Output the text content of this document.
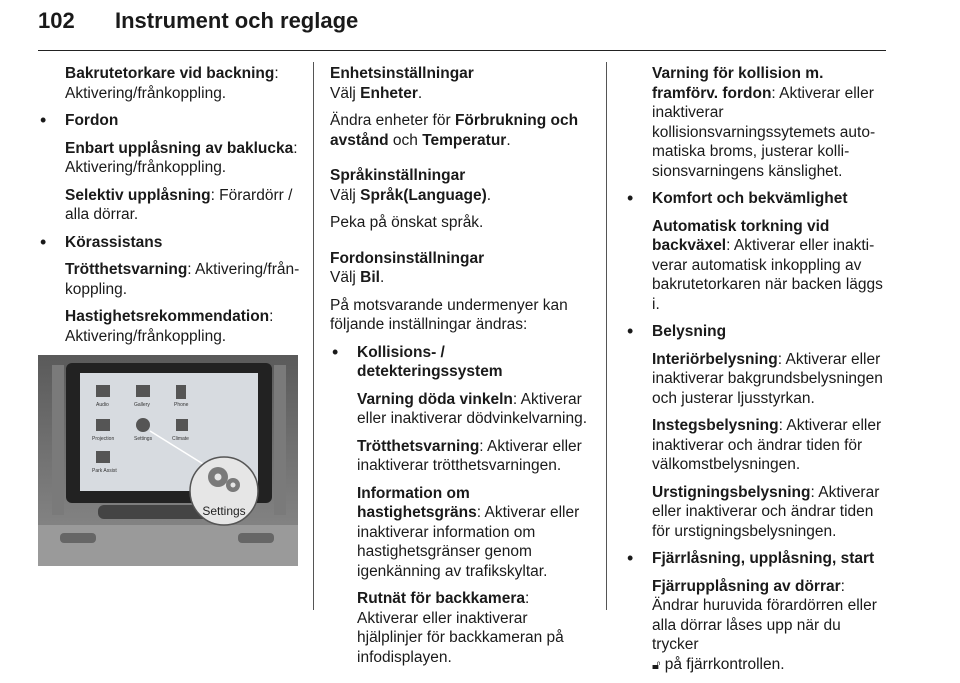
102 Instrument och reglage

Bakrutetorkare vid backning: Aktivering/frånkoppling.

• Fordon

Enbart upplåsning av baklucka: Aktivering/frånkoppling.

Selektiv upplåsning: Förardörr / alla dörrar.

• Körassistans

Trötthetsvarning: Aktivering/frånkoppling.

Hastighetsrekommendation: Aktivering/frånkoppling.

Audio	Gallery	Phone
Projection	Settings	Climate
Park Assist
Settings

Enhetsinställningar

Välj Enheter.

Ändra enheter för Förbrukning och avstånd och Temperatur.

Språkinställningar

Välj Språk(Language).

Peka på önskat språk.

Fordonsinställningar

Välj Bil.

På motsvarande undermenyer kan följande inställningar ändras:

• Kollisions- / detekteringssystem

Varning döda vinkeln: Aktiverar eller inaktiverar dödvinkelvarning.

Trötthetsvarning: Aktiverar eller inaktiverar trötthetsvarningen.

Information om hastighetsgräns: Aktiverar eller inaktiverar information om hastighetsgränser genom igenkänning av trafikskyltar.

Rutnät för backkamera: Aktiverar eller inaktiverar hjälplinjer för backkameran på infodisplayen.

Varning för kollision m. framförv. fordon: Aktiverar eller inaktiverar kollisionsvarningssytemets automatiska broms, justerar kollisionsvarningens känslighet.

• Komfort och bekvämlighet

Automatisk torkning vid backväxel: Aktiverar eller inaktiverar automatisk inkoppling av bakrutetorkaren när backen läggs i.

• Belysning

Interiörbelysning: Aktiverar eller inaktiverar bakgrundsbelysningen och justerar ljusstyrkan.

Instegsbelysning: Aktiverar eller inaktiverar och ändrar tiden för välkomstbelysningen.

Urstigningsbelysning: Aktiverar eller inaktiverar och ändrar tiden för urstigningsbelysningen.

• Fjärrlåsning, upplåsning, start

Fjärrupplåsning av dörrar: Ändrar huruvida förardörren eller alla dörrar låses upp när du trycker
🔓︎ på fjärrkontrollen.
